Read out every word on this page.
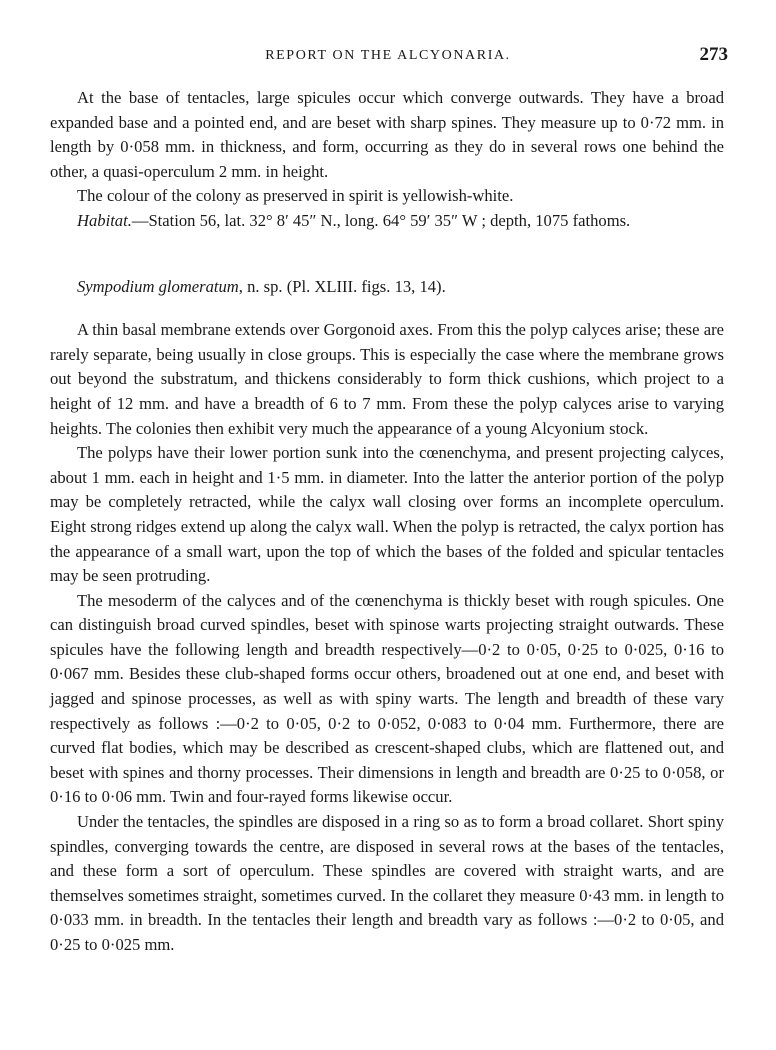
REPORT ON THE ALCYONARIA.	273

At the base of tentacles, large spicules occur which converge outwards. They have a broad expanded base and a pointed end, and are beset with sharp spines. They measure up to 0·72 mm. in length by 0·058 mm. in thickness, and form, occurring as they do in several rows one behind the other, a quasi-operculum 2 mm. in height.

The colour of the colony as preserved in spirit is yellowish-white.

Habitat.—Station 56, lat. 32° 8′ 45″ N., long. 64° 59′ 35″ W ; depth, 1075 fathoms.

Sympodium glomeratum, n. sp. (Pl. XLIII. figs. 13, 14).

A thin basal membrane extends over Gorgonoid axes. From this the polyp calyces arise; these are rarely separate, being usually in close groups. This is especially the case where the membrane grows out beyond the substratum, and thickens considerably to form thick cushions, which project to a height of 12 mm. and have a breadth of 6 to 7 mm. From these the polyp calyces arise to varying heights. The colonies then exhibit very much the appearance of a young Alcyonium stock.

The polyps have their lower portion sunk into the cœnenchyma, and present projecting calyces, about 1 mm. each in height and 1·5 mm. in diameter. Into the latter the anterior portion of the polyp may be completely retracted, while the calyx wall closing over forms an incomplete operculum. Eight strong ridges extend up along the calyx wall. When the polyp is retracted, the calyx portion has the appearance of a small wart, upon the top of which the bases of the folded and spicular tentacles may be seen protruding.

The mesoderm of the calyces and of the cœnenchyma is thickly beset with rough spicules. One can distinguish broad curved spindles, beset with spinose warts projecting straight outwards. These spicules have the following length and breadth respectively—0·2 to 0·05, 0·25 to 0·025, 0·16 to 0·067 mm. Besides these club-shaped forms occur others, broadened out at one end, and beset with jagged and spinose processes, as well as with spiny warts. The length and breadth of these vary respectively as follows :—0·2 to 0·05, 0·2 to 0·052, 0·083 to 0·04 mm. Furthermore, there are curved flat bodies, which may be described as crescent-shaped clubs, which are flattened out, and beset with spines and thorny processes. Their dimensions in length and breadth are 0·25 to 0·058, or 0·16 to 0·06 mm. Twin and four-rayed forms likewise occur.

Under the tentacles, the spindles are disposed in a ring so as to form a broad collaret. Short spiny spindles, converging towards the centre, are disposed in several rows at the bases of the tentacles, and these form a sort of operculum. These spindles are covered with straight warts, and are themselves sometimes straight, sometimes curved. In the collaret they measure 0·43 mm. in length to 0·033 mm. in breadth. In the tentacles their length and breadth vary as follows :—0·2 to 0·05, and 0·25 to 0·025 mm.
